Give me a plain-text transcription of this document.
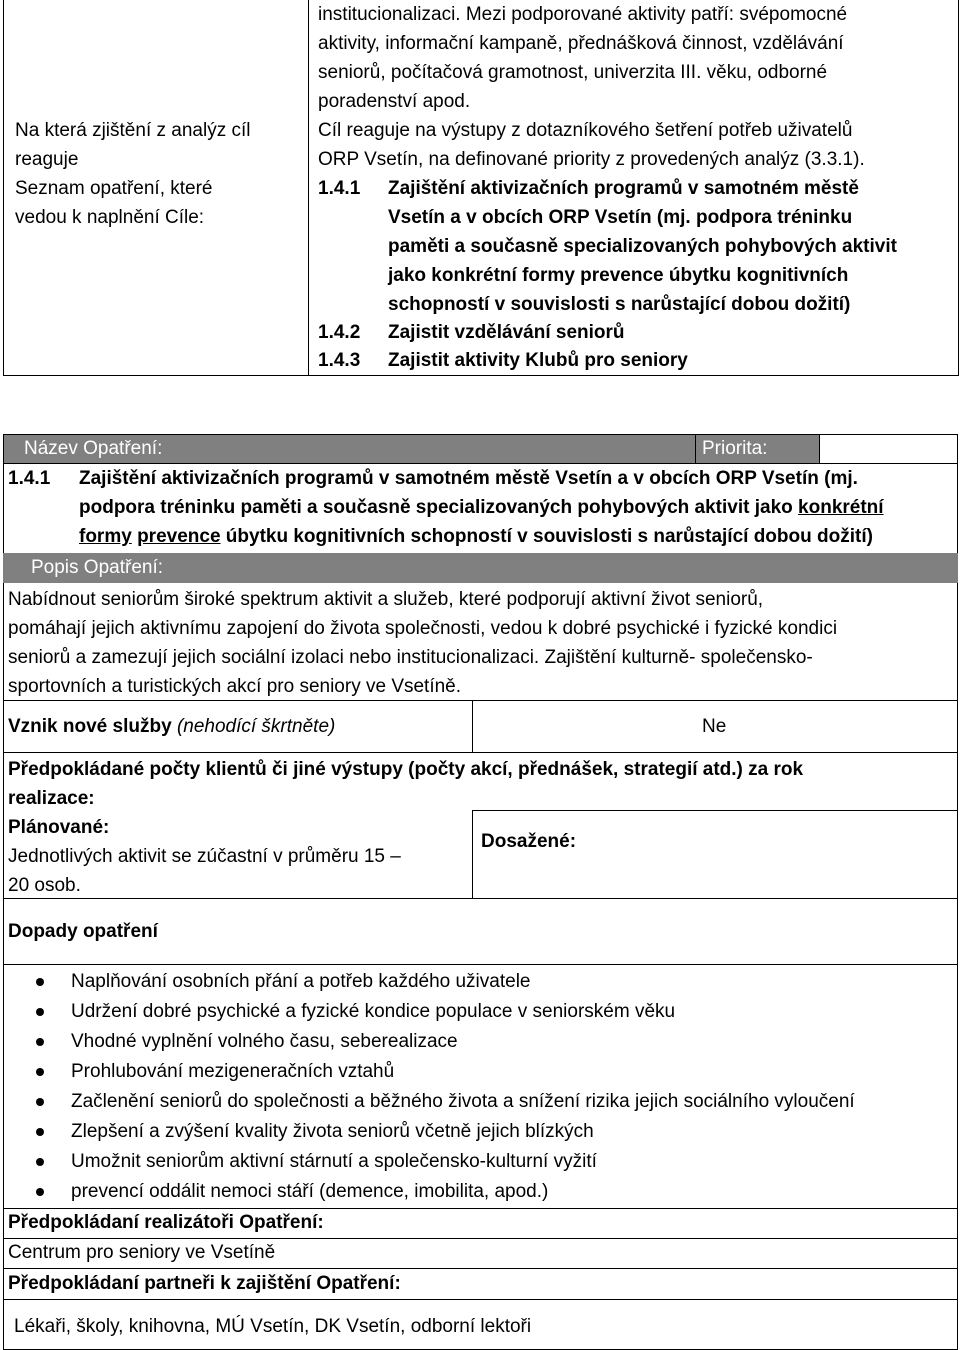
Na která zjištění z analýz cíl
reaguje
Seznam opatření, které
vedou k naplnění Cíle:
institucionalizaci. Mezi podporované aktivity patří: svépomocné
aktivity, informační kampaně, přednášková činnost, vzdělávání
seniorů, počítačová gramotnost, univerzita III. věku, odborné
poradenství apod.
Cíl reaguje na výstupy z dotazníkového šetření potřeb uživatelů
ORP Vsetín, na definované priority z provedených analýz (3.3.1).
1.4.1 Zajištění aktivizačních programů v samotném městě
Vsetín a v obcích ORP Vsetín (mj. podpora tréninku
paměti a současně specializovaných pohybových aktivit
jako konkrétní formy prevence úbytku kognitivních
schopností v souvislosti s narůstající dobou dožití)
1.4.2 Zajistit vzdělávání seniorů
1.4.3 Zajistit aktivity Klubů pro seniory
Název Opatření:	Priorita:
1.4.1 Zajištění aktivizačních programů v samotném městě Vsetín a v obcích ORP Vsetín (mj.
podpora tréninku paměti a současně specializovaných pohybových aktivit jako konkrétní
formy prevence úbytku kognitivních schopností v souvislosti s narůstající dobou dožití)
Popis Opatření:
Nabídnout seniorům široké spektrum aktivit a služeb, které podporují aktivní život seniorů,
pomáhají jejich aktivnímu zapojení do života společnosti, vedou k dobré psychické i fyzické kondici
seniorů a zamezují jejich sociální izolaci nebo institucionalizaci. Zajištění kulturně- společensko-
sportovních a turistických akcí pro seniory ve Vsetíně.
Vznik nové služby (nehodící škrtněte)	Ne
Předpokládané počty klientů či jiné výstupy (počty akcí, přednášek, strategií atd.) za rok
realizace:
Plánované:
Jednotlivých aktivit se zúčastní v průměru 15 –
20 osob.
Dosažené:
Dopady opatření
Naplňování osobních přání a potřeb každého uživatele
Udržení dobré psychické a fyzické kondice populace v seniorském věku
Vhodné vyplnění volného času, seberealizace
Prohlubování mezigeneračních vztahů
Začlenění seniorů do společnosti a běžného života a snížení rizika jejich sociálního vyloučení
Zlepšení a zvýšení kvality života seniorů včetně jejich blízkých
Umožnit seniorům aktivní stárnutí a společensko-kulturní vyžití
prevencí oddálit nemoci stáří (demence, imobilita, apod.)
Předpokládaní realizátoři Opatření:
Centrum pro seniory ve Vsetíně
Předpokládaní partneři k zajištění Opatření:
Lékaři, školy, knihovna, MÚ Vsetín, DK Vsetín, odborní lektoři
